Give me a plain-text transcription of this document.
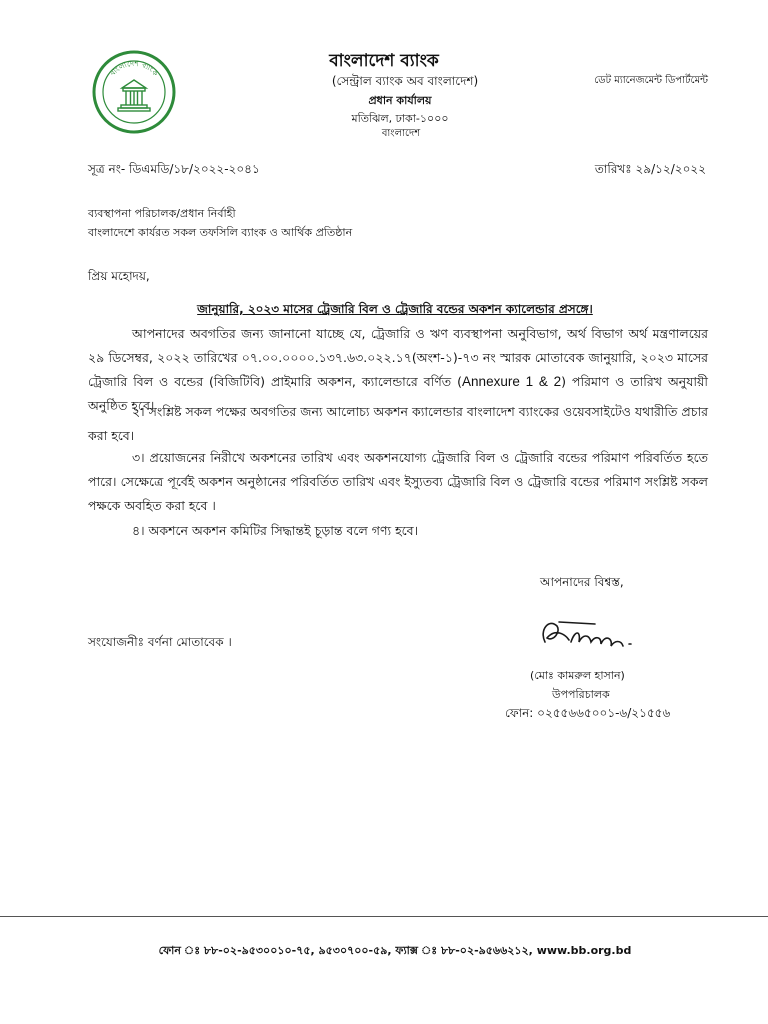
বাংলাদেশ ব্যাংক
বাংলাদেশ ব্যাংক
(সেন্ট্রাল ব্যাংক অব বাংলাদেশ)
প্রধান কার্যালয়
মতিঝিল, ঢাকা-১০০০
বাংলাদেশ
ডেট ম্যানেজমেন্ট ডিপার্টমেন্ট
সূত্র নং- ডিএমডি/১৮/২০২২-২০৪১	তারিখঃ ২৯/১২/২০২২
ব্যবস্থাপনা পরিচালক/প্রধান নির্বাহী
বাংলাদেশে কার্যরত সকল তফসিলি ব্যাংক ও আর্থিক প্রতিষ্ঠান
প্রিয় মহোদয়,
জানুয়ারি, ২০২৩ মাসের ট্রেজারি বিল ও ট্রেজারি বন্ডের অকশন ক্যালেন্ডার প্রসঙ্গে।
আপনাদের অবগতির জন্য জানানো যাচ্ছে যে, ট্রেজারি ও ঋণ ব্যবস্থাপনা অনুবিভাগ, অর্থ বিভাগ অর্থ মন্ত্রণালয়ের ২৯ ডিসেম্বর, ২০২২ তারিখের ০৭.০০.০০০০.১৩৭.৬৩.০২২.১৭(অংশ-১)-৭৩ নং স্মারক মোতাবেক জানুয়ারি, ২০২৩ মাসের ট্রেজারি বিল ও বন্ডের (বিজিটিবি) প্রাইমারি অকশন, ক্যালেন্ডারে বর্ণিত (Annexure 1 & 2) পরিমাণ ও তারিখ অনুযায়ী অনুষ্ঠিত হবে।
২। সংশ্লিষ্ট সকল পক্ষের অবগতির জন্য আলোচ্য অকশন ক্যালেন্ডার বাংলাদেশ ব্যাংকের ওয়েবসাইটেও যথারীতি প্রচার করা হবে।
৩। প্রয়োজনের নিরীখে অকশনের তারিখ এবং অকশনযোগ্য ট্রেজারি বিল ও ট্রেজারি বন্ডের পরিমাণ পরিবর্তিত হতে পারে। সেক্ষেত্রে পূর্বেই অকশন অনুষ্ঠানের পরিবর্তিত তারিখ এবং ইস্যুতব্য ট্রেজারি বিল ও ট্রেজারি বন্ডের পরিমাণ সংশ্লিষ্ট সকল পক্ষকে অবহিত করা হবে ।
৪। অকশনে অকশন কমিটির সিদ্ধান্তই চূড়ান্ত বলে গণ্য হবে।
আপনাদের বিশ্বস্ত,
সংযোজনীঃ বর্ণনা মোতাবেক ।
(মোঃ কামরুল হাসান)
উপপরিচালক
ফোন: ০২৫৫৬৬৫০০১-৬/২১৫৫৬
ফোন ঃ ৮৮-০২-৯৫৩০০১০-৭৫, ৯৫৩০৭০০-৫৯, ফ্যাক্স ঃ ৮৮-০২-৯৫৬৬২১২, www.bb.org.bd
